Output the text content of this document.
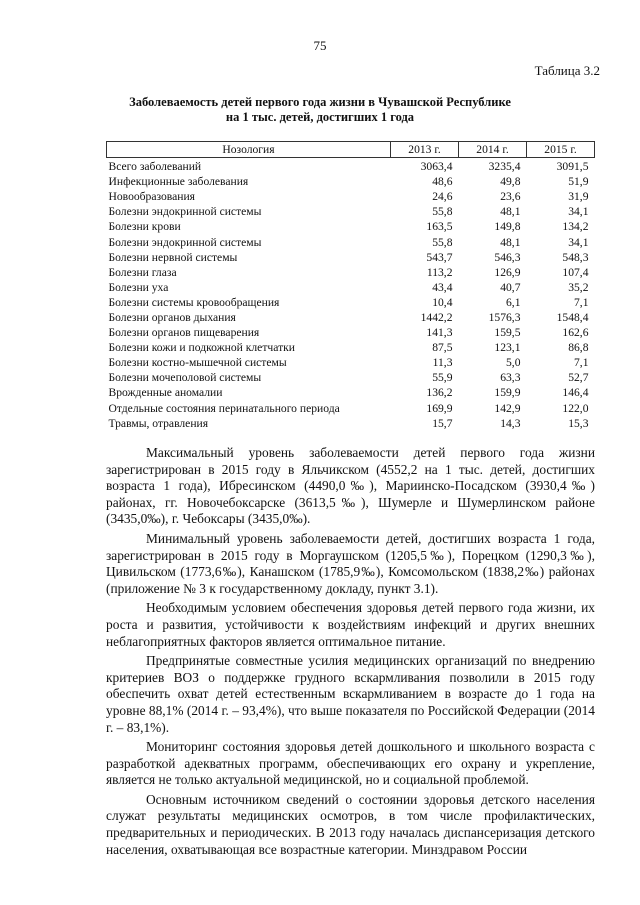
75
Таблица 3.2
Заболеваемость детей первого года жизни в Чувашской Республике
на 1 тыс. детей, достигших 1 года
Нозология	2013 г.	2014 г.	2015 г.
Всего заболеваний	3063,4	3235,4	3091,5
Инфекционные заболевания	48,6	49,8	51,9
Новообразования	24,6	23,6	31,9
Болезни эндокринной системы	55,8	48,1	34,1
Болезни крови	163,5	149,8	134,2
Болезни эндокринной системы	55,8	48,1	34,1
Болезни нервной системы	543,7	546,3	548,3
Болезни глаза	113,2	126,9	107,4
Болезни уха	43,4	40,7	35,2
Болезни системы кровообращения	10,4	6,1	7,1
Болезни органов дыхания	1442,2	1576,3	1548,4
Болезни органов пищеварения	141,3	159,5	162,6
Болезни кожи и подкожной клетчатки	87,5	123,1	86,8
Болезни костно-мышечной системы	11,3	5,0	7,1
Болезни мочеполовой системы	55,9	63,3	52,7
Врожденные аномалии	136,2	159,9	146,4
Отдельные состояния перинатального периода	169,9	142,9	122,0
Травмы, отравления	15,7	14,3	15,3

Максимальный уровень заболеваемости детей первого года жизни зарегистрирован в 2015 году в Яльчикском (4552,2 на 1 тыс. детей, достигших возраста 1 года), Ибресинском (4490,0‰), Мариинско-Посадском (3930,4‰) районах, гг. Новочебоксарске (3613,5‰), Шумерле и Шумерлинском районе (3435,0‰), г. Чебоксары (3435,0‰).

Минимальный уровень заболеваемости детей, достигших возраста 1 года, зарегистрирован в 2015 году в Моргаушском (1205,5‰), Порецком (1290,3‰), Цивильском (1773,6‰), Канашском (1785,9‰), Комсомольском (1838,2‰) районах (приложение № 3 к государственному докладу, пункт 3.1).

Необходимым условием обеспечения здоровья детей первого года жизни, их роста и развития, устойчивости к воздействиям инфекций и других внешних неблагоприятных факторов является оптимальное питание.

Предпринятые совместные усилия медицинских организаций по внедрению критериев ВОЗ о поддержке грудного вскармливания позволили в 2015 году обеспечить охват детей естественным вскармливанием в возрасте до 1 года на уровне 88,1% (2014 г. – 93,4%), что выше показателя по Российской Федерации (2014 г. – 83,1%).

Мониторинг состояния здоровья детей дошкольного и школьного возраста с разработкой адекватных программ, обеспечивающих его охрану и укрепление, является не только актуальной медицинской, но и социальной проблемой.

Основным источником сведений о состоянии здоровья детского населения служат результаты медицинских осмотров, в том числе профилактических, предварительных и периодических. В 2013 году началась диспансеризация детского населения, охватывающая все возрастные категории. Минздравом России
